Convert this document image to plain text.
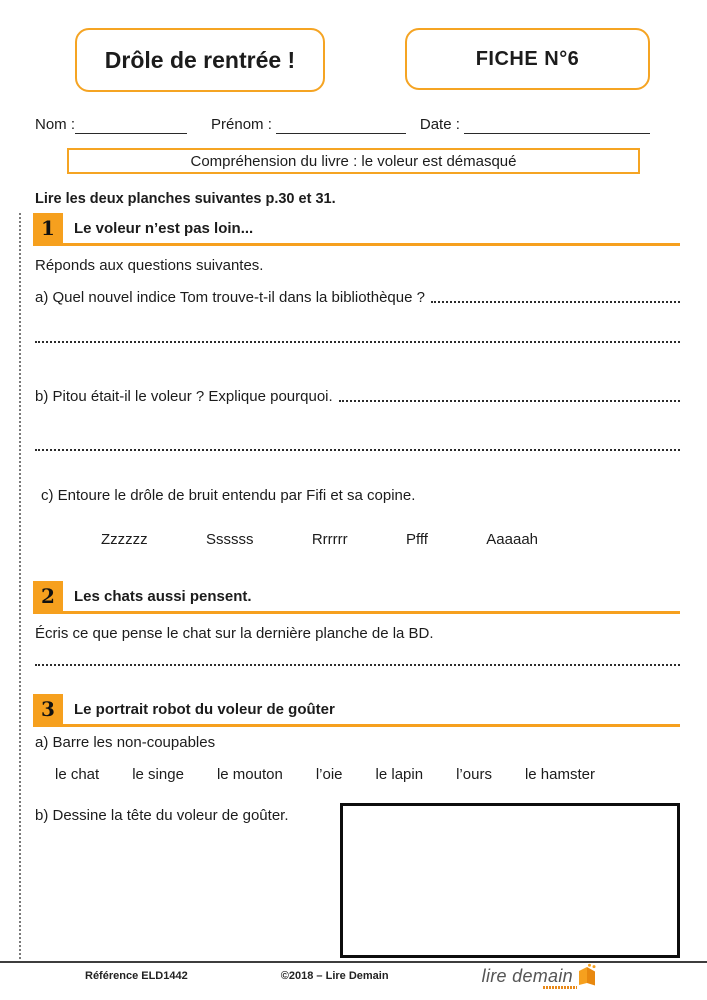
Drôle de rentrée !	FICHE N°6
Nom :	Prénom :	Date :
Compréhension du livre : le voleur est démasqué

Lire les deux planches suivantes p.30 et 31.

1	Le voleur n’est pas loin...

Réponds aux questions suivantes.

a) Quel nouvel indice Tom trouve-t-il dans la bibliothèque ?
b) Pitou était-il le voleur ? Explique pourquoi.

c) Entoure le drôle de bruit entendu par Fifi et sa copine.

Zzzzzz	Ssssss	Rrrrrr	Pfff	Aaaaah
2	Les chats aussi pensent.

Écris ce que pense le chat sur la dernière planche de la BD.

3	Le portrait robot du voleur de goûter

a) Barre les non-coupables

le chat le singe le mouton l’oie le lapin l’ours le hamster
b) Dessine la tête du voleur de goûter.
Référence ELD1442	©2018 – Lire Demain	lire demain
